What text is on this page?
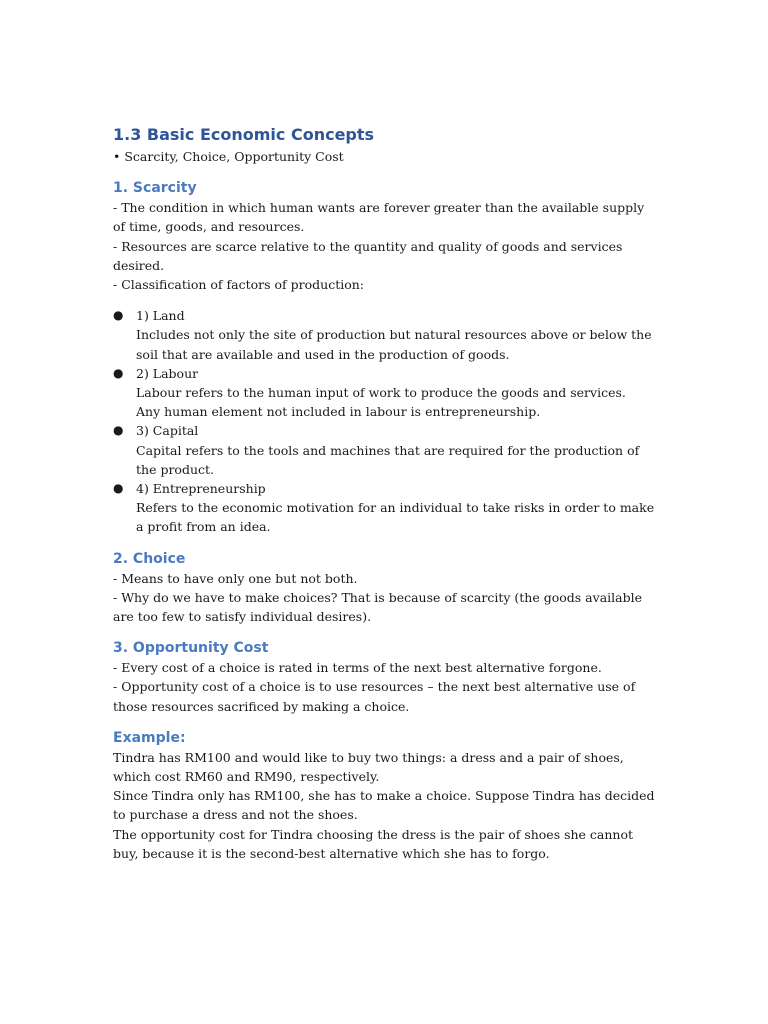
1.3 Basic Economic Concepts

• Scarcity, Choice, Opportunity Cost

1. Scarcity

- The condition in which human wants are forever greater than the available supply of time, goods, and resources.

- Resources are scarce relative to the quantity and quality of goods and services desired.

- Classification of factors of production:

● 1) Land

Includes not only the site of production but natural resources above or below the soil that are available and used in the production of goods.

● 2) Labour

Labour refers to the human input of work to produce the goods and services.

Any human element not included in labour is entrepreneurship.

● 3) Capital

Capital refers to the tools and machines that are required for the production of the product.

● 4) Entrepreneurship

Refers to the economic motivation for an individual to take risks in order to make a profit from an idea.

2. Choice

- Means to have only one but not both.

- Why do we have to make choices? That is because of scarcity (the goods available are too few to satisfy individual desires).

3. Opportunity Cost

- Every cost of a choice is rated in terms of the next best alternative forgone.

- Opportunity cost of a choice is to use resources – the next best alternative use of those resources sacrificed by making a choice.

Example:

Tindra has RM100 and would like to buy two things: a dress and a pair of shoes, which cost RM60 and RM90, respectively.

Since Tindra only has RM100, she has to make a choice. Suppose Tindra has decided to purchase a dress and not the shoes.

The opportunity cost for Tindra choosing the dress is the pair of shoes she cannot buy, because it is the second-best alternative which she has to forgo.
